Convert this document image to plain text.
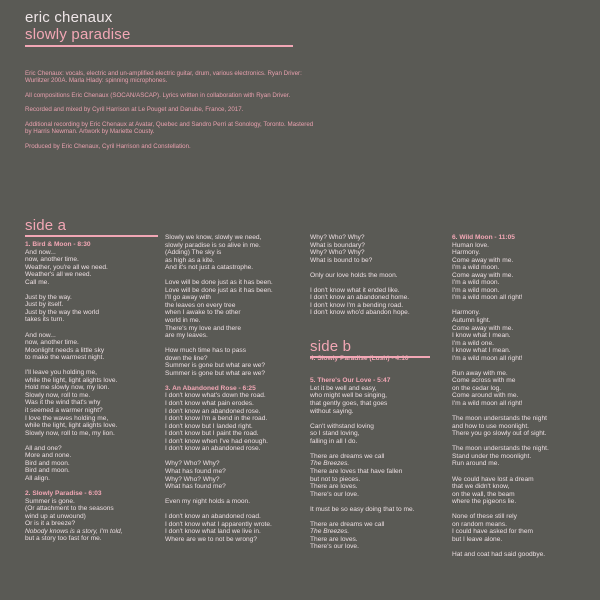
eric chenaux
slowly paradise

Eric Chenaux: vocals, electric and un-amplified electric guitar, drum, various electronics. Ryan Driver: Wurlitzer 200A. Marla Hlady: spinning microphones.

All compositions Eric Chenaux (SOCAN/ASCAP). Lyrics written in collaboration with Ryan Driver.

Recorded and mixed by Cyril Harrison at Le Pouget and Danube, France, 2017.

Additional recording by Eric Chenaux at Avatar, Quebec and Sandro Perri at Sonology, Toronto. Mastered by Harris Newman. Artwork by Mariette Cousty.

Produced by Eric Chenaux, Cyril Harrison and Constellation.

side a
side b
1. Bird & Moon - 8:30
And now...
now, another time.
Weather, you're all we need.
Weather's all we need.
Call me.
Just by the way.
Just by itself.
Just by the way the world
takes its turn.
And now...
now, another time.
Moonlight needs a little sky
to make the warmest night.
I'll leave you holding me,
while the light, light alights love.
Hold me slowly now, my lion.
Slowly now, roll to me.
Was it the wind that's why
it seemed a warmer night?
I love the waves holding me,
while the light, light alights love.
Slowly now, roll to me, my lion.
All and one?
More and none.
Bird and moon.
Bird and moon.
All align.
2. Slowly Paradise - 6:03
Summer is gone.
(Or attachment to the seasons
wind up at unwound)
Or is it a breeze?
Nobody knows is a story, I'm told,
but a story too fast for me.
Slowly we know, slowly we need,
slowly paradise is so alive in me.
(Adding) The sky is
as high as a kite.
And it's not just a catastrophe.
Love will be done just as it has been.
Love will be done just as it has been.
I'll go away with
the leaves on every tree
when I awake to the other
world in me.
There's my love and there
are my leaves.
How much time has to pass
down the line?
Summer is gone but what are we?
Summer is gone but what are we?
3. An Abandoned Rose - 6:25
I don't know what's down the road.
I don't know what pain erodes.
I don't know an abandoned rose.
I don't know I'm a bend in the road.
I don't know but I landed right.
I don't know but I paint the road.
I don't know when I've had enough.
I don't know an abandoned rose.
Why? Who? Why?
What has found me?
Why? Who? Why?
What has found me?
Even my night holds a moon.
I don't know an abandoned road.
I don't know what I apparently wrote.
I don't know what land we live in.
Where are we to not be wrong?
Why? Who? Why?
What is boundary?
Why? Who? Why?
What is bound to be?
Only our love holds the moon.
I don't know what it ended like.
I don't know an abandoned home.
I don't know I'm a bending road.
I don't know who'd abandon hope.
4. Slowly Paradise (Lush) - 4:10
5. There's Our Love - 5:47
Let it be well and easy,
who might well be singing,
that gently goes, that goes
without saying.
Can't withstand loving
so I stand loving,
falling in all I do.
There are dreams we call
The Breezes.
There are loves that have fallen
but not to pieces.
There are loves.
There's our love.
It must be so easy doing that to me.
There are dreams we call
The Breezes.
There are loves.
There's our love.
6. Wild Moon - 11:05
Human love.
Harmony.
Come away with me.
I'm a wild moon.
Come away with me.
I'm a wild moon.
I'm a wild moon.
I'm a wild moon all right!
Harmony.
Autumn light.
Come away with me.
I know what I mean.
I'm a wild one.
I know what I mean.
I'm a wild moon all right!
Run away with me.
Come across with me
on the cedar log.
Come around with me.
I'm a wild moon all right!
The moon understands the night
and how to use moonlight.
There you go slowly out of sight.
The moon understands the night.
Stand under the moonlight.
Run around me.
We could have lost a dream
that we didn't know,
on the wall, the beam
where the pigeons lie.
None of these still rely
on random means.
I could have asked for them
but I leave alone.
Hat and coat had said goodbye.
